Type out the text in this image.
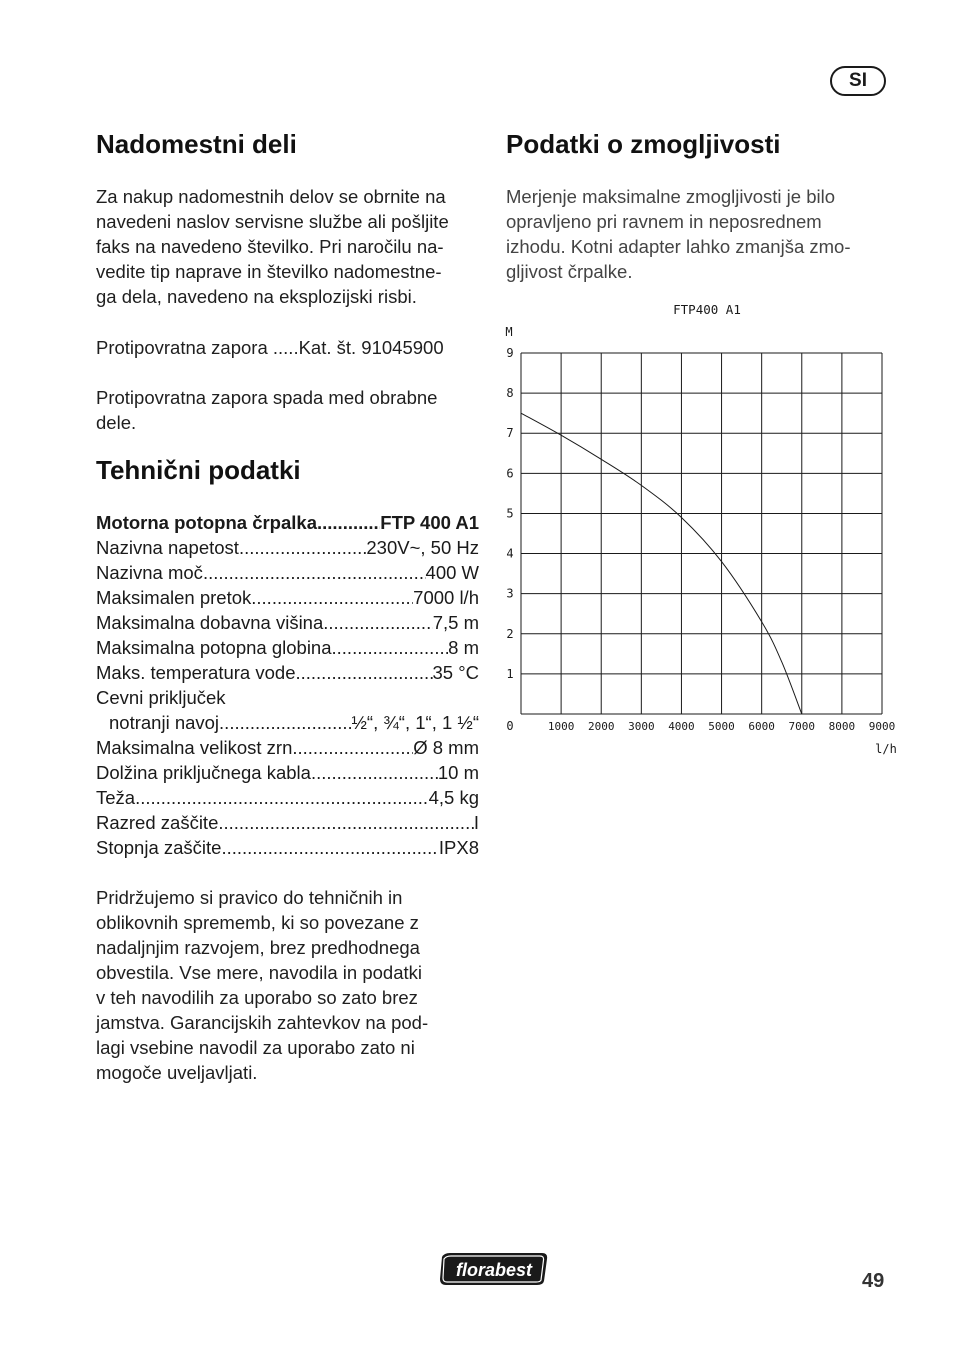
SI
Nadomestni deli

Za nakup nadomestnih delov se obrnite na

navedeni naslov servisne službe ali pošljite

faks na navedeno številko. Pri naročilu na-

vedite tip naprave in številko nadomestne-

ga dela, navedeno na eksplozijski risbi.

Protipovratna zapora .....Kat. št. 91045900

Protipovratna zapora spada med obrabne

dele.

Tehnični podatki
Motorna potopna črpalka .....	FTP 400 A1
Nazivna napetost .....	230V~, 50 Hz
Nazivna moč .....	400 W
Maksimalen pretok .....	7000 l/h
Maksimalna dobavna višina .....	7,5 m
Maksimalna potopna globina .....	8 m
Maks. temperatura vode .....	35 °C
Cevni priključek
notranji navoj .....	½“, ¾“, 1“, 1 ½“
Maksimalna velikost zrn .....	Ø 8 mm
Dolžina priključnega kabla .....	10 m
Teža .....	4,5 kg
Razred zaščite .....	I
Stopnja zaščite .....	IPX8

Pridržujemo si pravico do tehničnih in

oblikovnih sprememb, ki so povezane z

nadaljnjim razvojem, brez predhodnega

obvestila. Vse mere, navodila in podatki

v teh navodilih za uporabo so zato brez

jamstva. Garancijskih zahtevkov na pod-

lagi vsebine navodil za uporabo zato ni

mogoče uveljavljati.

Podatki o zmogljivosti

Merjenje maksimalne zmogljivosti je bilo

opravljeno pri ravnem in neposrednem

izhodu. Kotni adapter lahko zmanjša zmo-

gljivost črpalke.

FTP400 A1
M
l/h
0	1000 2000 3000 4000 5000 6000 7000 8000 9000
1
2
3
4
5
6
7
8
9
florabest	49
